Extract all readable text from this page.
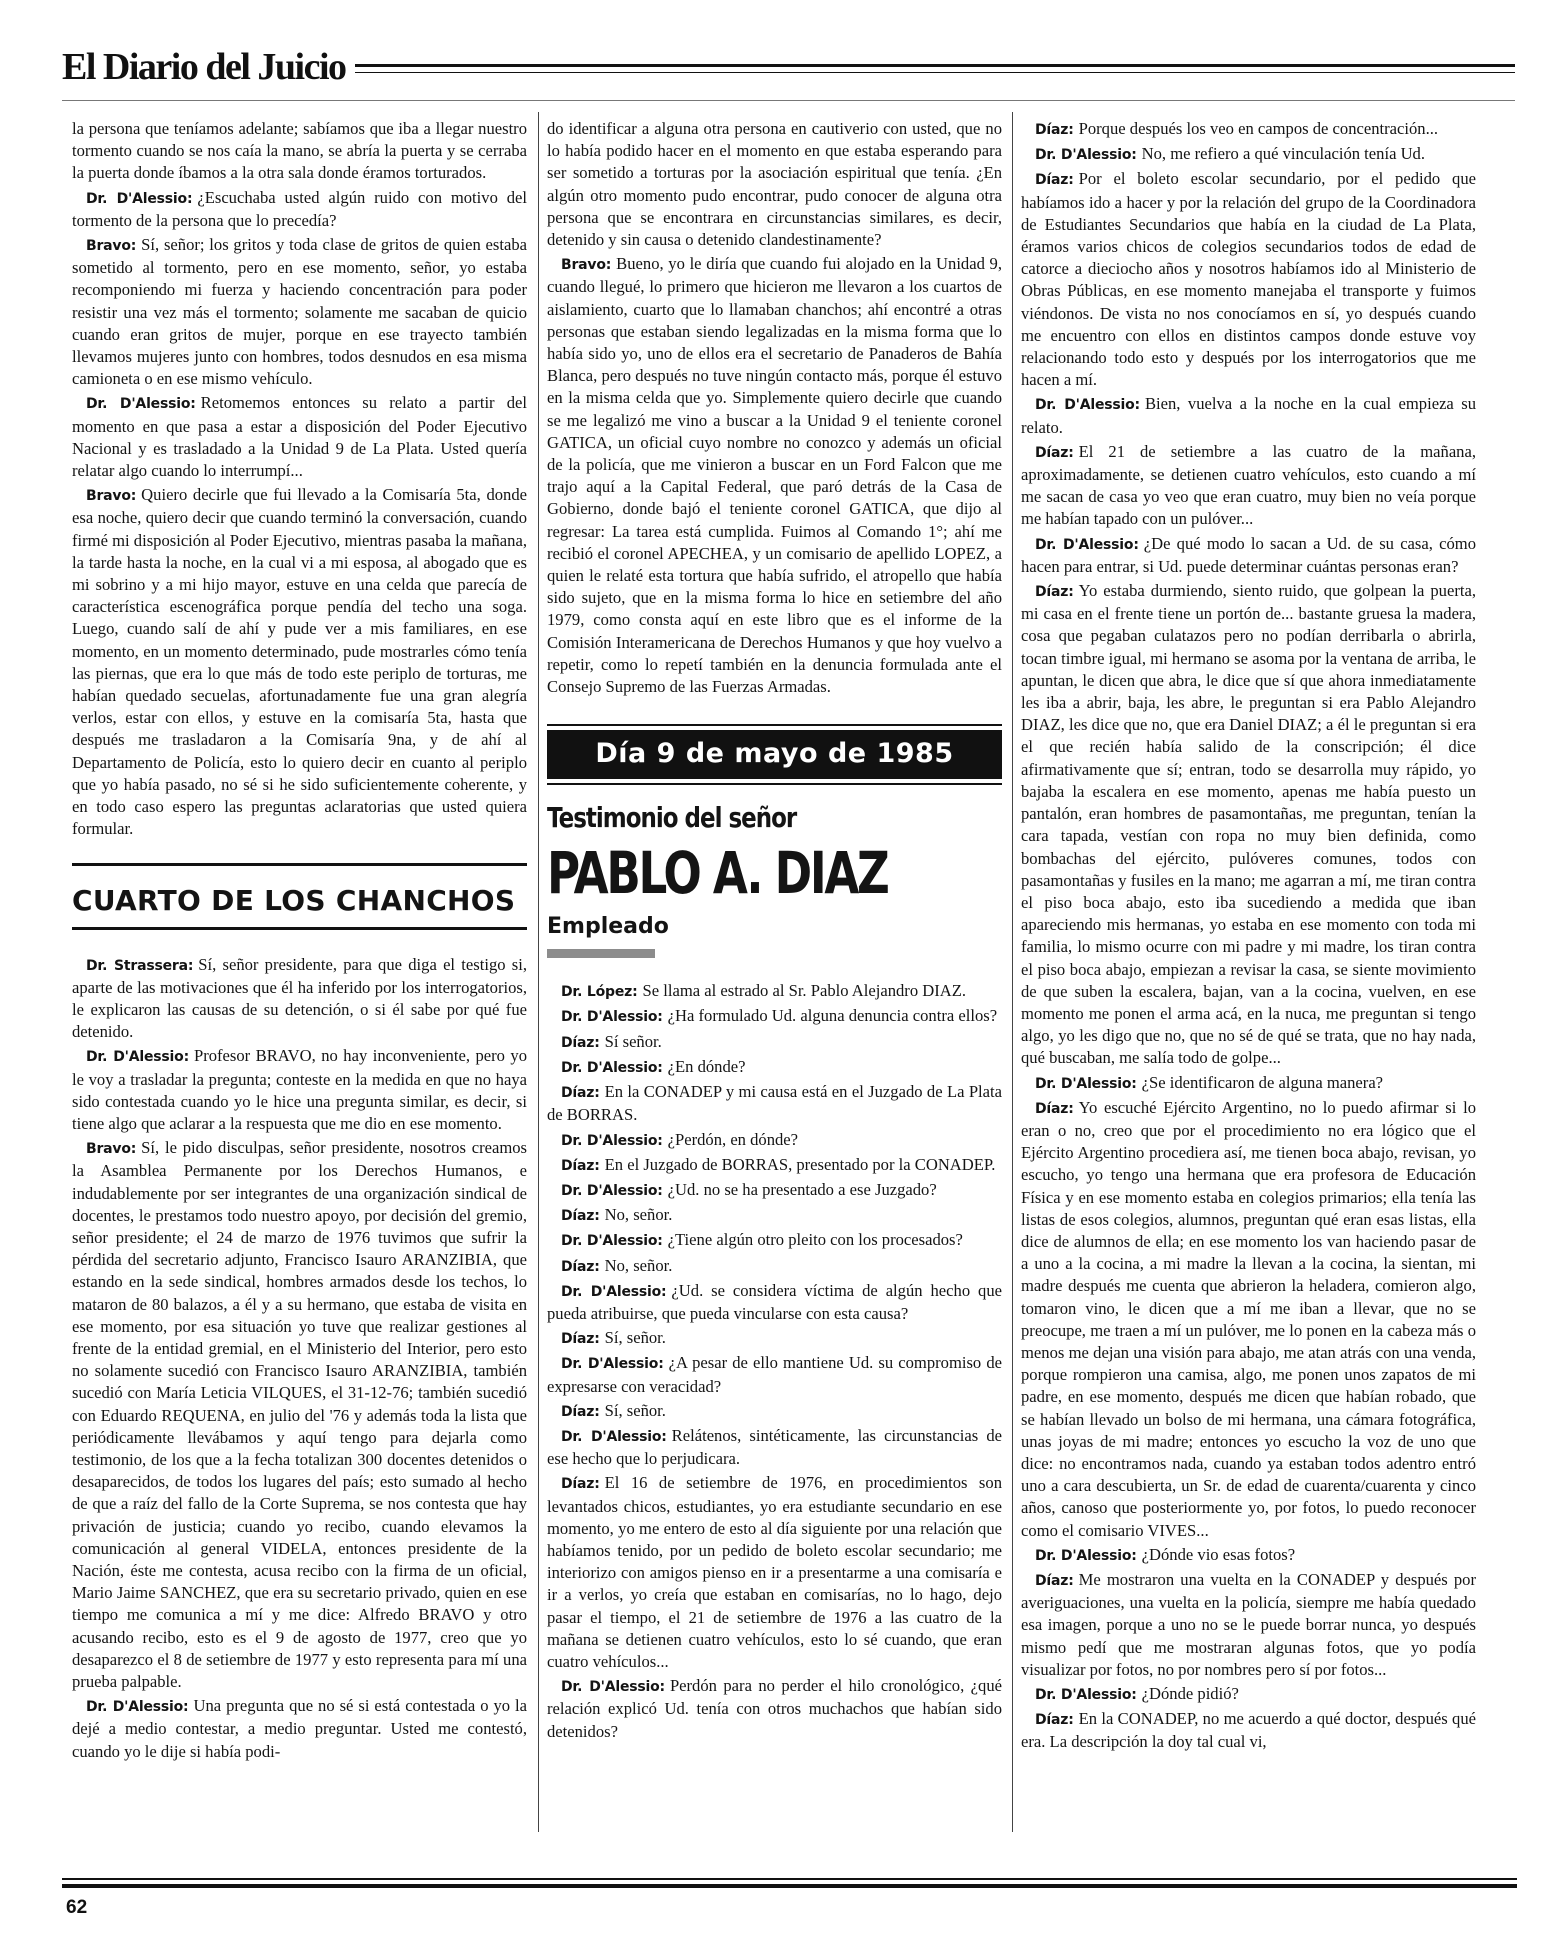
El Diario del Juicio

la persona que teníamos adelante; sabíamos que iba a llegar nuestro tormento cuando se nos caía la mano, se abría la puerta y se cerraba la puerta donde íbamos a la otra sala donde éramos torturados.

Dr. D'Alessio: ¿Escuchaba usted algún ruido con motivo del tormento de la persona que lo precedía?

Bravo: Sí, señor; los gritos y toda clase de gritos de quien estaba sometido al tormento, pero en ese momento, señor, yo estaba recomponiendo mi fuerza y haciendo concentración para poder resistir una vez más el tormento; solamente me sacaban de quicio cuando eran gritos de mujer, porque en ese trayecto también llevamos mujeres junto con hombres, todos desnudos en esa misma camioneta o en ese mismo vehículo.

Dr. D'Alessio: Retomemos entonces su relato a partir del momento en que pasa a estar a disposición del Poder Ejecutivo Nacional y es trasladado a la Unidad 9 de La Plata. Usted quería relatar algo cuando lo interrumpí...

Bravo: Quiero decirle que fui llevado a la Comisaría 5ta, donde esa noche, quiero decir que cuando terminó la conversación, cuando firmé mi disposición al Poder Ejecutivo, mientras pasaba la mañana, la tarde hasta la noche, en la cual vi a mi esposa, al abogado que es mi sobrino y a mi hijo mayor, estuve en una celda que parecía de característica escenográfica porque pendía del techo una soga. Luego, cuando salí de ahí y pude ver a mis familiares, en ese momento, en un momento determinado, pude mostrarles cómo tenía las piernas, que era lo que más de todo este periplo de torturas, me habían quedado secuelas, afortunadamente fue una gran alegría verlos, estar con ellos, y estuve en la comisaría 5ta, hasta que después me trasladaron a la Comisaría 9na, y de ahí al Departamento de Policía, esto lo quiero decir en cuanto al periplo que yo había pasado, no sé si he sido suficientemente coherente, y en todo caso espero las preguntas aclaratorias que usted quiera formular.

CUARTO DE LOS CHANCHOS

Dr. Strassera: Sí, señor presidente, para que diga el testigo si, aparte de las motivaciones que él ha inferido por los interrogatorios, le explicaron las causas de su detención, o si él sabe por qué fue detenido.

Dr. D'Alessio: Profesor BRAVO, no hay inconveniente, pero yo le voy a trasladar la pregunta; conteste en la medida en que no haya sido contestada cuando yo le hice una pregunta similar, es decir, si tiene algo que aclarar a la respuesta que me dio en ese momento.

Bravo: Sí, le pido disculpas, señor presidente, nosotros creamos la Asamblea Permanente por los Derechos Humanos, e indudablemente por ser integrantes de una organización sindical de docentes, le prestamos todo nuestro apoyo, por decisión del gremio, señor presidente; el 24 de marzo de 1976 tuvimos que sufrir la pérdida del secretario adjunto, Francisco Isauro ARANZIBIA, que estando en la sede sindical, hombres armados desde los techos, lo mataron de 80 balazos, a él y a su hermano, que estaba de visita en ese momento, por esa situación yo tuve que realizar gestiones al frente de la entidad gremial, en el Ministerio del Interior, pero esto no solamente sucedió con Francisco Isauro ARANZIBIA, también sucedió con María Leticia VILQUES, el 31-12-76; también sucedió con Eduardo REQUENA, en julio del '76 y además toda la lista que periódicamente llevábamos y aquí tengo para dejarla como testimonio, de los que a la fecha totalizan 300 docentes detenidos o desaparecidos, de todos los lugares del país; esto sumado al hecho de que a raíz del fallo de la Corte Suprema, se nos contesta que hay privación de justicia; cuando yo recibo, cuando elevamos la comunicación al general VIDELA, entonces presidente de la Nación, éste me contesta, acusa recibo con la firma de un oficial, Mario Jaime SANCHEZ, que era su secretario privado, quien en ese tiempo me comunica a mí y me dice: Alfredo BRAVO y otro acusando recibo, esto es el 9 de agosto de 1977, creo que yo desaparezco el 8 de setiembre de 1977 y esto representa para mí una prueba palpable.

Dr. D'Alessio: Una pregunta que no sé si está contestada o yo la dejé a medio contestar, a medio preguntar. Usted me contestó, cuando yo le dije si había podi-

do identificar a alguna otra persona en cautiverio con usted, que no lo había podido hacer en el momento en que estaba esperando para ser sometido a torturas por la asociación espiritual que tenía. ¿En algún otro momento pudo encontrar, pudo conocer de alguna otra persona que se encontrara en circunstancias similares, es decir, detenido y sin causa o detenido clandestinamente?

Bravo: Bueno, yo le diría que cuando fui alojado en la Unidad 9, cuando llegué, lo primero que hicieron me llevaron a los cuartos de aislamiento, cuarto que lo llamaban chanchos; ahí encontré a otras personas que estaban siendo legalizadas en la misma forma que lo había sido yo, uno de ellos era el secretario de Panaderos de Bahía Blanca, pero después no tuve ningún contacto más, porque él estuvo en la misma celda que yo. Simplemente quiero decirle que cuando se me legalizó me vino a buscar a la Unidad 9 el teniente coronel GATICA, un oficial cuyo nombre no conozco y además un oficial de la policía, que me vinieron a buscar en un Ford Falcon que me trajo aquí a la Capital Federal, que paró detrás de la Casa de Gobierno, donde bajó el teniente coronel GATICA, que dijo al regresar: La tarea está cumplida. Fuimos al Comando 1°; ahí me recibió el coronel APECHEA, y un comisario de apellido LOPEZ, a quien le relaté esta tortura que había sufrido, el atropello que había sido sujeto, que en la misma forma lo hice en setiembre del año 1979, como consta aquí en este libro que es el informe de la Comisión Interamericana de Derechos Humanos y que hoy vuelvo a repetir, como lo repetí también en la denuncia formulada ante el Consejo Supremo de las Fuerzas Armadas.

Día 9 de mayo de 1985
Testimonio del señor
PABLO A. DIAZ
Empleado

Dr. López: Se llama al estrado al Sr. Pablo Alejandro DIAZ.

Dr. D'Alessio: ¿Ha formulado Ud. alguna denuncia contra ellos?

Díaz: Sí señor.

Dr. D'Alessio: ¿En dónde?

Díaz: En la CONADEP y mi causa está en el Juzgado de La Plata de BORRAS.

Dr. D'Alessio: ¿Perdón, en dónde?

Díaz: En el Juzgado de BORRAS, presentado por la CONADEP.

Dr. D'Alessio: ¿Ud. no se ha presentado a ese Juzgado?

Díaz: No, señor.

Dr. D'Alessio: ¿Tiene algún otro pleito con los procesados?

Díaz: No, señor.

Dr. D'Alessio: ¿Ud. se considera víctima de algún hecho que pueda atribuirse, que pueda vincularse con esta causa?

Díaz: Sí, señor.

Dr. D'Alessio: ¿A pesar de ello mantiene Ud. su compromiso de expresarse con veracidad?

Díaz: Sí, señor.

Dr. D'Alessio: Relátenos, sintéticamente, las circunstancias de ese hecho que lo perjudicara.

Díaz: El 16 de setiembre de 1976, en procedimientos son levantados chicos, estudiantes, yo era estudiante secundario en ese momento, yo me entero de esto al día siguiente por una relación que habíamos tenido, por un pedido de boleto escolar secundario; me interiorizo con amigos pienso en ir a presentarme a una comisaría e ir a verlos, yo creía que estaban en comisarías, no lo hago, dejo pasar el tiempo, el 21 de setiembre de 1976 a las cuatro de la mañana se detienen cuatro vehículos, esto lo sé cuando, que eran cuatro vehículos...

Dr. D'Alessio: Perdón para no perder el hilo cronológico, ¿qué relación explicó Ud. tenía con otros muchachos que habían sido detenidos?

Díaz: Porque después los veo en campos de concentración...

Dr. D'Alessio: No, me refiero a qué vinculación tenía Ud.

Díaz: Por el boleto escolar secundario, por el pedido que habíamos ido a hacer y por la relación del grupo de la Coordinadora de Estudiantes Secundarios que había en la ciudad de La Plata, éramos varios chicos de colegios secundarios todos de edad de catorce a dieciocho años y nosotros habíamos ido al Ministerio de Obras Públicas, en ese momento manejaba el transporte y fuimos viéndonos. De vista no nos conocíamos en sí, yo después cuando me encuentro con ellos en distintos campos donde estuve voy relacionando todo esto y después por los interrogatorios que me hacen a mí.

Dr. D'Alessio: Bien, vuelva a la noche en la cual empieza su relato.

Díaz: El 21 de setiembre a las cuatro de la mañana, aproximadamente, se detienen cuatro vehículos, esto cuando a mí me sacan de casa yo veo que eran cuatro, muy bien no veía porque me habían tapado con un pulóver...

Dr. D'Alessio: ¿De qué modo lo sacan a Ud. de su casa, cómo hacen para entrar, si Ud. puede determinar cuántas personas eran?

Díaz: Yo estaba durmiendo, siento ruido, que golpean la puerta, mi casa en el frente tiene un portón de... bastante gruesa la madera, cosa que pegaban culatazos pero no podían derribarla o abrirla, tocan timbre igual, mi hermano se asoma por la ventana de arriba, le apuntan, le dicen que abra, le dice que sí que ahora inmediatamente les iba a abrir, baja, les abre, le preguntan si era Pablo Alejandro DIAZ, les dice que no, que era Daniel DIAZ; a él le preguntan si era el que recién había salido de la conscripción; él dice afirmativamente que sí; entran, todo se desarrolla muy rápido, yo bajaba la escalera en ese momento, apenas me había puesto un pantalón, eran hombres de pasamontañas, me preguntan, tenían la cara tapada, vestían con ropa no muy bien definida, como bombachas del ejército, pulóveres comunes, todos con pasamontañas y fusiles en la mano; me agarran a mí, me tiran contra el piso boca abajo, esto iba sucediendo a medida que iban apareciendo mis hermanas, yo estaba en ese momento con toda mi familia, lo mismo ocurre con mi padre y mi madre, los tiran contra el piso boca abajo, empiezan a revisar la casa, se siente movimiento de que suben la escalera, bajan, van a la cocina, vuelven, en ese momento me ponen el arma acá, en la nuca, me preguntan si tengo algo, yo les digo que no, que no sé de qué se trata, que no hay nada, qué buscaban, me salía todo de golpe...

Dr. D'Alessio: ¿Se identificaron de alguna manera?

Díaz: Yo escuché Ejército Argentino, no lo puedo afirmar si lo eran o no, creo que por el procedimiento no era lógico que el Ejército Argentino procediera así, me tienen boca abajo, revisan, yo escucho, yo tengo una hermana que era profesora de Educación Física y en ese momento estaba en colegios primarios; ella tenía las listas de esos colegios, alumnos, preguntan qué eran esas listas, ella dice de alumnos de ella; en ese momento los van haciendo pasar de a uno a la cocina, a mi madre la llevan a la cocina, la sientan, mi madre después me cuenta que abrieron la heladera, comieron algo, tomaron vino, le dicen que a mí me iban a llevar, que no se preocupe, me traen a mí un pulóver, me lo ponen en la cabeza más o menos me dejan una visión para abajo, me atan atrás con una venda, porque rompieron una camisa, algo, me ponen unos zapatos de mi padre, en ese momento, después me dicen que habían robado, que se habían llevado un bolso de mi hermana, una cámara fotográfica, unas joyas de mi madre; entonces yo escucho la voz de uno que dice: no encontramos nada, cuando ya estaban todos adentro entró uno a cara descubierta, un Sr. de edad de cuarenta/cuarenta y cinco años, canoso que posteriormente yo, por fotos, lo puedo reconocer como el comisario VIVES...

Dr. D'Alessio: ¿Dónde vio esas fotos?

Díaz: Me mostraron una vuelta en la CONADEP y después por averiguaciones, una vuelta en la policía, siempre me había quedado esa imagen, porque a uno no se le puede borrar nunca, yo después mismo pedí que me mostraran algunas fotos, que yo podía visualizar por fotos, no por nombres pero sí por fotos...

Dr. D'Alessio: ¿Dónde pidió?

Díaz: En la CONADEP, no me acuerdo a qué doctor, después qué era. La descripción la doy tal cual vi,

62
